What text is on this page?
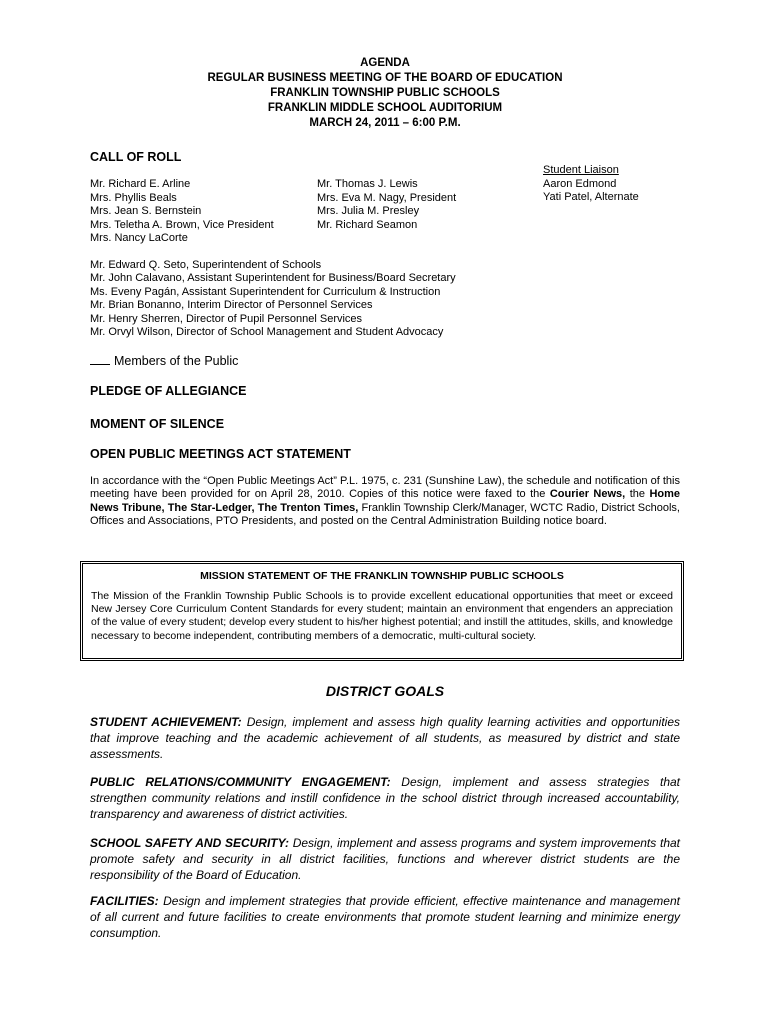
AGENDA
REGULAR BUSINESS MEETING OF THE BOARD OF EDUCATION
FRANKLIN TOWNSHIP PUBLIC SCHOOLS
FRANKLIN MIDDLE SCHOOL AUDITORIUM
MARCH 24, 2011 – 6:00 P.M.
CALL OF ROLL
Mr. Richard E. Arline
Mrs. Phyllis Beals
Mrs. Jean S. Bernstein
Mrs. Teletha A. Brown, Vice President
Mrs. Nancy LaCorte
Mr. Thomas J. Lewis
Mrs. Eva M. Nagy, President
Mrs. Julia M. Presley
Mr. Richard Seamon
Student Liaison
Aaron Edmond
Yati Patel, Alternate
Mr. Edward Q. Seto, Superintendent of Schools
Mr. John Calavano, Assistant Superintendent for Business/Board Secretary
Ms. Eveny Pagán, Assistant Superintendent for Curriculum & Instruction
Mr. Brian Bonanno, Interim Director of Personnel Services
Mr. Henry Sherren, Director of Pupil Personnel Services
Mr. Orvyl Wilson, Director of School Management and Student Advocacy
Members of the Public
PLEDGE OF ALLEGIANCE
MOMENT OF SILENCE
OPEN PUBLIC MEETINGS ACT STATEMENT
In accordance with the “Open Public Meetings Act” P.L. 1975, c. 231 (Sunshine Law), the schedule and notification of this meeting have been provided for on April 28, 2010. Copies of this notice were faxed to the Courier News, the Home News Tribune, The Star-Ledger, The Trenton Times, Franklin Township Clerk/Manager, WCTC Radio, District Schools, Offices and Associations, PTO Presidents, and posted on the Central Administration Building notice board.
MISSION STATEMENT OF THE FRANKLIN TOWNSHIP PUBLIC SCHOOLS
The Mission of the Franklin Township Public Schools is to provide excellent educational opportunities that meet or exceed New Jersey Core Curriculum Content Standards for every student; maintain an environment that engenders an appreciation of the value of every student; develop every student to his/her highest potential; and instill the attitudes, skills, and knowledge necessary to become independent, contributing members of a democratic, multi-cultural society.
DISTRICT GOALS
STUDENT ACHIEVEMENT: Design, implement and assess high quality learning activities and opportunities that improve teaching and the academic achievement of all students, as measured by district and state assessments.
PUBLIC RELATIONS/COMMUNITY ENGAGEMENT: Design, implement and assess strategies that strengthen community relations and instill confidence in the school district through increased accountability, transparency and awareness of district activities.
SCHOOL SAFETY AND SECURITY: Design, implement and assess programs and system improvements that promote safety and security in all district facilities, functions and wherever district students are the responsibility of the Board of Education.
FACILITIES: Design and implement strategies that provide efficient, effective maintenance and management of all current and future facilities to create environments that promote student learning and minimize energy consumption.
